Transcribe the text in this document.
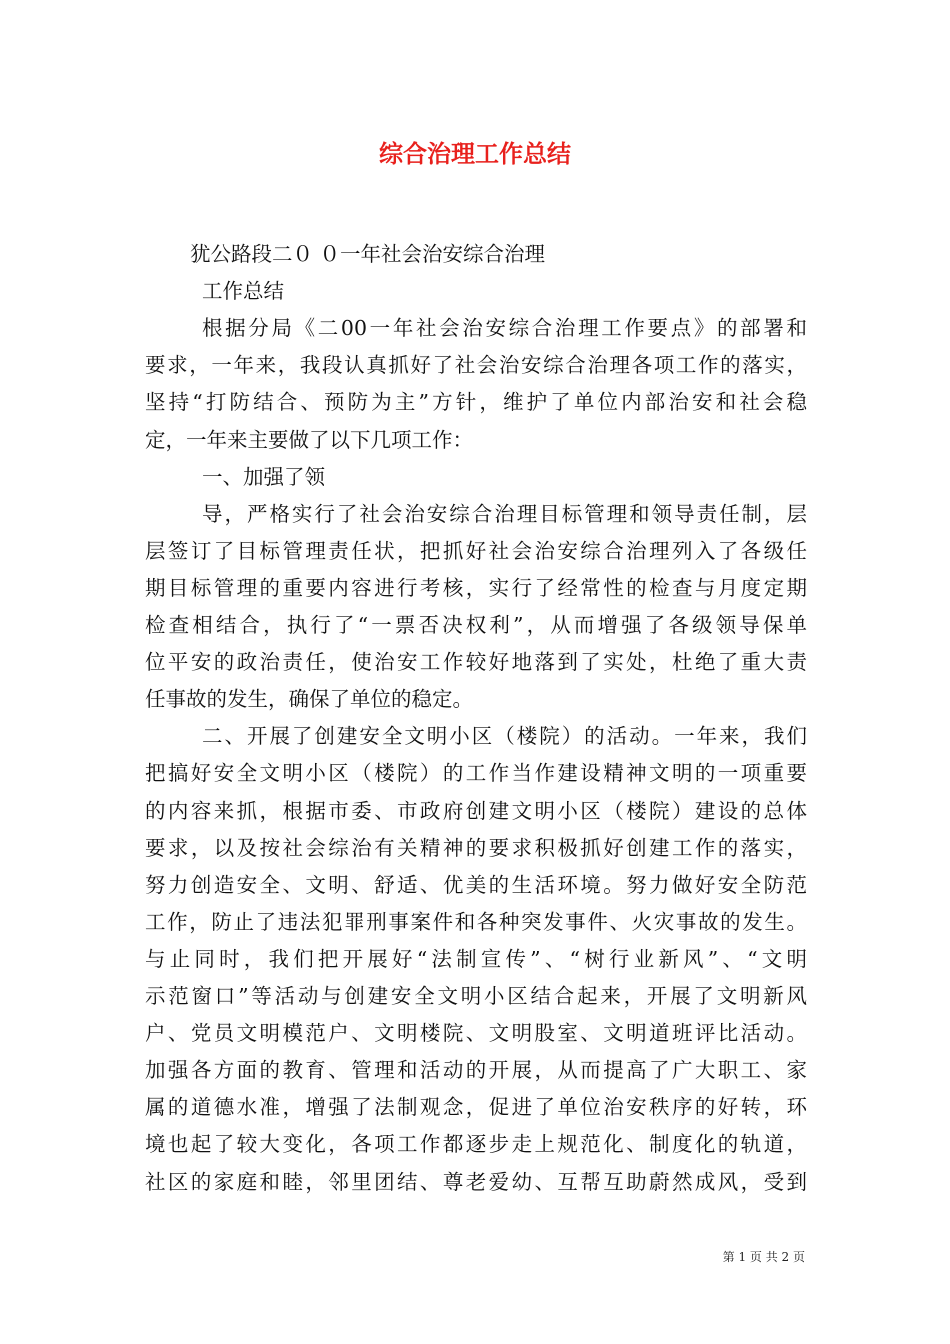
综合治理工作总结
犹公路段二０ ０一年社会治安综合治理
工作总结
根据分局《二00一年社会治安综合治理工作要点》的部署和
要求，一年来，我段认真抓好了社会治安综合治理各项工作的落实，
坚持“打防结合、预防为主”方针，维护了单位内部治安和社会稳
定，一年来主要做了以下几项工作：
一、加强了领
导，严格实行了社会治安综合治理目标管理和领导责任制，层
层签订了目标管理责任状，把抓好社会治安综合治理列入了各级任
期目标管理的重要内容进行考核，实行了经常性的检查与月度定期
检查相结合，执行了“一票否决权利”，从而增强了各级领导保单
位平安的政治责任，使治安工作较好地落到了实处，杜绝了重大责
任事故的发生，确保了单位的稳定。
二、开展了创建安全文明小区（楼院）的活动。一年来，我们
把搞好安全文明小区（楼院）的工作当作建设精神文明的一项重要
的内容来抓，根据市委、市政府创建文明小区（楼院）建设的总体
要求，以及按社会综治有关精神的要求积极抓好创建工作的落实，
努力创造安全、文明、舒适、优美的生活环境。努力做好安全防范
工作，防止了违法犯罪刑事案件和各种突发事件、火灾事故的发生。
与止同时，我们把开展好“法制宣传”、“树行业新风”、“文明
示范窗口”等活动与创建安全文明小区结合起来，开展了文明新风
户、党员文明模范户、文明楼院、文明股室、文明道班评比活动。
加强各方面的教育、管理和活动的开展，从而提高了广大职工、家
属的道德水准，增强了法制观念，促进了单位治安秩序的好转，环
境也起了较大变化，各项工作都逐步走上规范化、制度化的轨道，
社区的家庭和睦，邻里团结、尊老爱幼、互帮互助蔚然成风，受到
第 1 页 共 2 页
